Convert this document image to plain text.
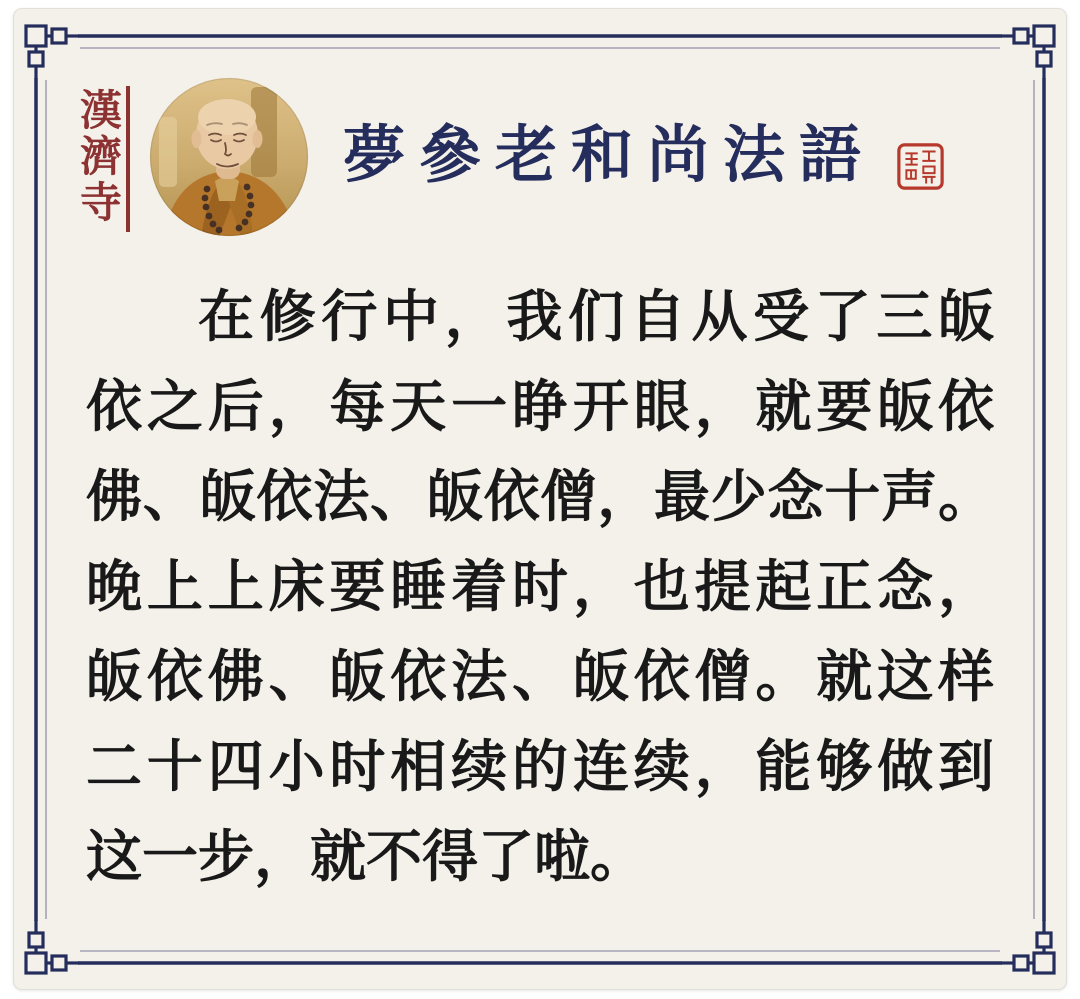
漢濟寺	夢參老和尚法語
在修行中，我们自从受了三皈
依之后，每天一睁开眼，就要皈依
佛、皈依法、皈依僧，最少念十声。
晚上上床要睡着时，也提起正念，
皈依佛、皈依法、皈依僧。就这样
二十四小时相续的连续，能够做到
这一步，就不得了啦。
